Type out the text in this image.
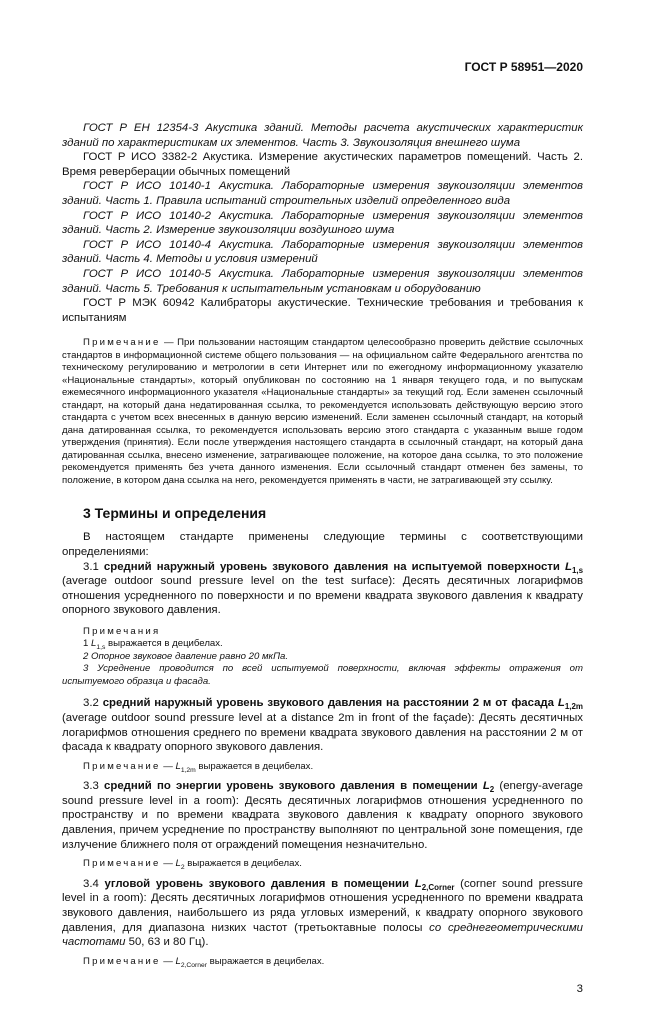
ГОСТ Р 58951—2020

ГОСТ Р ЕН 12354-3 Акустика зданий. Методы расчета акустических характеристик зданий по характеристикам их элементов. Часть 3. Звукоизоляция внешнего шума

ГОСТ Р ИСО 3382-2 Акустика. Измерение акустических параметров помещений. Часть 2. Время реверберации обычных помещений

ГОСТ Р ИСО 10140-1 Акустика. Лабораторные измерения звукоизоляции элементов зданий. Часть 1. Правила испытаний строительных изделий определенного вида

ГОСТ Р ИСО 10140-2 Акустика. Лабораторные измерения звукоизоляции элементов зданий. Часть 2. Измерение звукоизоляции воздушного шума

ГОСТ Р ИСО 10140-4 Акустика. Лабораторные измерения звукоизоляции элементов зданий. Часть 4. Методы и условия измерений

ГОСТ Р ИСО 10140-5 Акустика. Лабораторные измерения звукоизоляции элементов зданий. Часть 5. Требования к испытательным установкам и оборудованию

ГОСТ Р МЭК 60942 Калибраторы акустические. Технические требования и требования к испытаниям

Примечание — При пользовании настоящим стандартом целесообразно проверить действие ссылочных стандартов в информационной системе общего пользования — на официальном сайте Федерального агентства по техническому регулированию и метрологии в сети Интернет или по ежегодному информационному указателю «Национальные стандарты», который опубликован по состоянию на 1 января текущего года, и по выпускам ежемесячного информационного указателя «Национальные стандарты» за текущий год. Если заменен ссылочный стандарт, на который дана недатированная ссылка, то рекомендуется использовать действующую версию этого стандарта с учетом всех внесенных в данную версию изменений. Если заменен ссылочный стандарт, на который дана датированная ссылка, то рекомендуется использовать версию этого стандарта с указанным выше годом утверждения (принятия). Если после утверждения настоящего стандарта в ссылочный стандарт, на который дана датированная ссылка, внесено изменение, затрагивающее положение, на которое дана ссылка, то это положение рекомендуется применять без учета данного изменения. Если ссылочный стандарт отменен без замены, то положение, в котором дана ссылка на него, рекомендуется применять в части, не затрагивающей эту ссылку.

3 Термины и определения

В настоящем стандарте применены следующие термины с соответствующими определениями:

3.1 средний наружный уровень звукового давления на испытуемой поверхности $L_{1,s}$ (average outdoor sound pressure level on the test surface): Десять десятичных логарифмов отношения усредненного по поверхности и по времени квадрата звукового давления к квадрату опорного звукового давления.

Примечания

1 $L_{1,s}$ выражается в децибелах.

2 Опорное звуковое давление равно 20 мкПа.

3 Усреднение проводится по всей испытуемой поверхности, включая эффекты отражения от испытуемого образца и фасада.

3.2 средний наружный уровень звукового давления на расстоянии 2 м от фасада $L_{1,2m}$ (average outdoor sound pressure level at a distance 2m in front of the façade): Десять десятичных логарифмов отношения среднего по времени квадрата звукового давления на расстоянии 2 м от фасада к квадрату опорного звукового давления.

Примечание — $L_{1,2m}$ выражается в децибелах.

3.3 средний по энергии уровень звукового давления в помещении $L_2$ (energy-average sound pressure level in a room): Десять десятичных логарифмов отношения усредненного по пространству и по времени квадрата звукового давления к квадрату опорного звукового давления, причем усреднение по пространству выполняют по центральной зоне помещения, где излучение ближнего поля от ограждений помещения незначительно.

Примечание — $L_2$ выражается в децибелах.

3.4 угловой уровень звукового давления в помещении $L_{2,Corner}$ (corner sound pressure level in a room): Десять десятичных логарифмов отношения усредненного по времени квадрата звукового давления, наибольшего из ряда угловых измерений, к квадрату опорного звукового давления, для диапазона низких частот (третьоктавные полосы со среднегеометрическими частотами 50, 63 и 80 Гц).

Примечание — $L_{2,Corner}$ выражается в децибелах.

3
